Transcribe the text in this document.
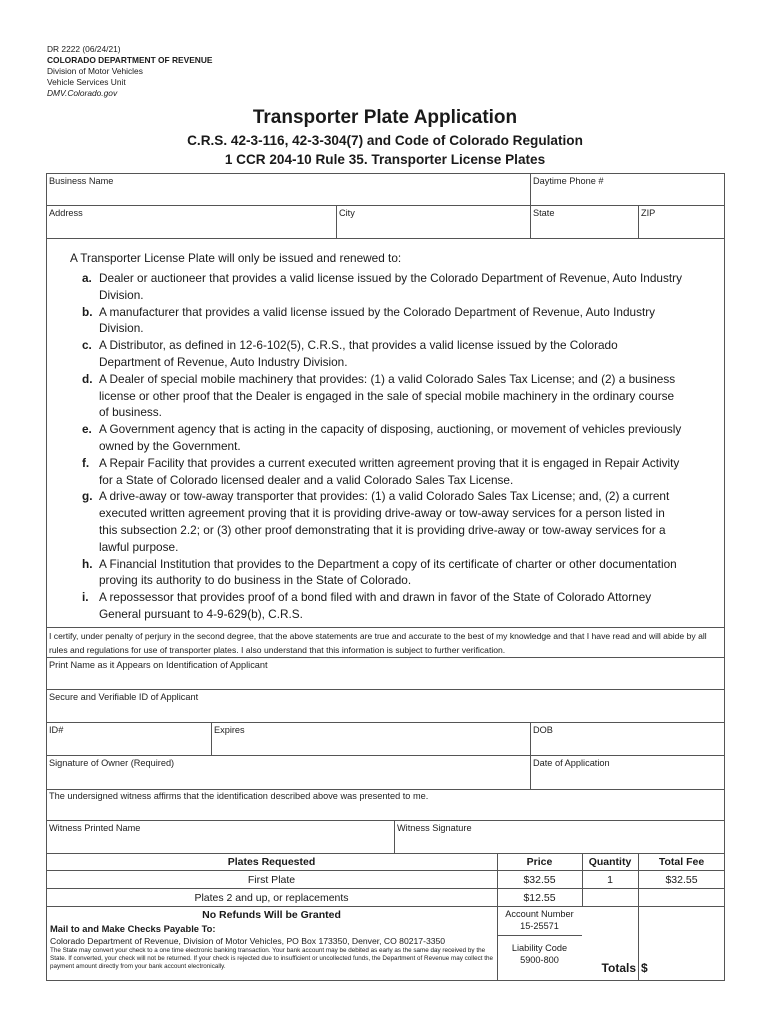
DR 2222 (06/24/21)
COLORADO DEPARTMENT OF REVENUE
Division of Motor Vehicles
Vehicle Services Unit
DMV.Colorado.gov
Transporter Plate Application
C.R.S. 42-3-116, 42-3-304(7) and Code of Colorado Regulation
1 CCR 204-10 Rule 35. Transporter License Plates
Business Name	Daytime Phone #
Address	City	State	ZIP
A Transporter License Plate will only be issued and renewed to:
a. Dealer or auctioneer that provides a valid license issued by the Colorado Department of Revenue, Auto Industry Division.
b. A manufacturer that provides a valid license issued by the Colorado Department of Revenue, Auto Industry Division.
c. A Distributor, as defined in 12-6-102(5), C.R.S., that provides a valid license issued by the Colorado Department of Revenue, Auto Industry Division.
d. A Dealer of special mobile machinery that provides: (1) a valid Colorado Sales Tax License; and (2) a business license or other proof that the Dealer is engaged in the sale of special mobile machinery in the ordinary course of business.
e. A Government agency that is acting in the capacity of disposing, auctioning, or movement of vehicles previously owned by the Government.
f. A Repair Facility that provides a current executed written agreement proving that it is engaged in Repair Activity for a State of Colorado licensed dealer and a valid Colorado Sales Tax License.
g. A drive-away or tow-away transporter that provides: (1) a valid Colorado Sales Tax License; and, (2) a current executed written agreement proving that it is providing drive-away or tow-away services for a person listed in this subsection 2.2; or (3) other proof demonstrating that it is providing drive-away or tow-away services for a lawful purpose.
h. A Financial Institution that provides to the Department a copy of its certificate of charter or other documentation proving its authority to do business in the State of Colorado.
i. A repossessor that provides proof of a bond filed with and drawn in favor of the State of Colorado Attorney General pursuant to 4-9-629(b), C.R.S.
I certify, under penalty of perjury in the second degree, that the above statements are true and accurate to the best of my knowledge and that I have read and will abide by all rules and regulations for use of transporter plates. I also understand that this information is subject to further verification.
Print Name as it Appears on Identification of Applicant
Secure and Verifiable ID of Applicant
ID#	Expires	DOB
Signature of Owner (Required)	Date of Application
The undersigned witness affirms that the identification described above was presented to me.
Witness Printed Name	Witness Signature
Plates Requested	Price	Quantity	Total Fee
First Plate	$32.55	1	$32.55
Plates 2 and up, or replacements	$12.55
No Refunds Will be Granted
Mail to and Make Checks Payable To:
Colorado Department of Revenue, Division of Motor Vehicles, PO Box 173350, Denver, CO 80217-3350
The State may convert your check to a one time electronic banking transaction. Your bank account may be debited as early as the same day received by the State. If converted, your check will not be returned. If your check is rejected due to insufficient or uncollected funds, the Department of Revenue may collect the payment amount directly from your bank account electronically.
Account Number
15-25571
Liability Code
5900-800
Totals $
